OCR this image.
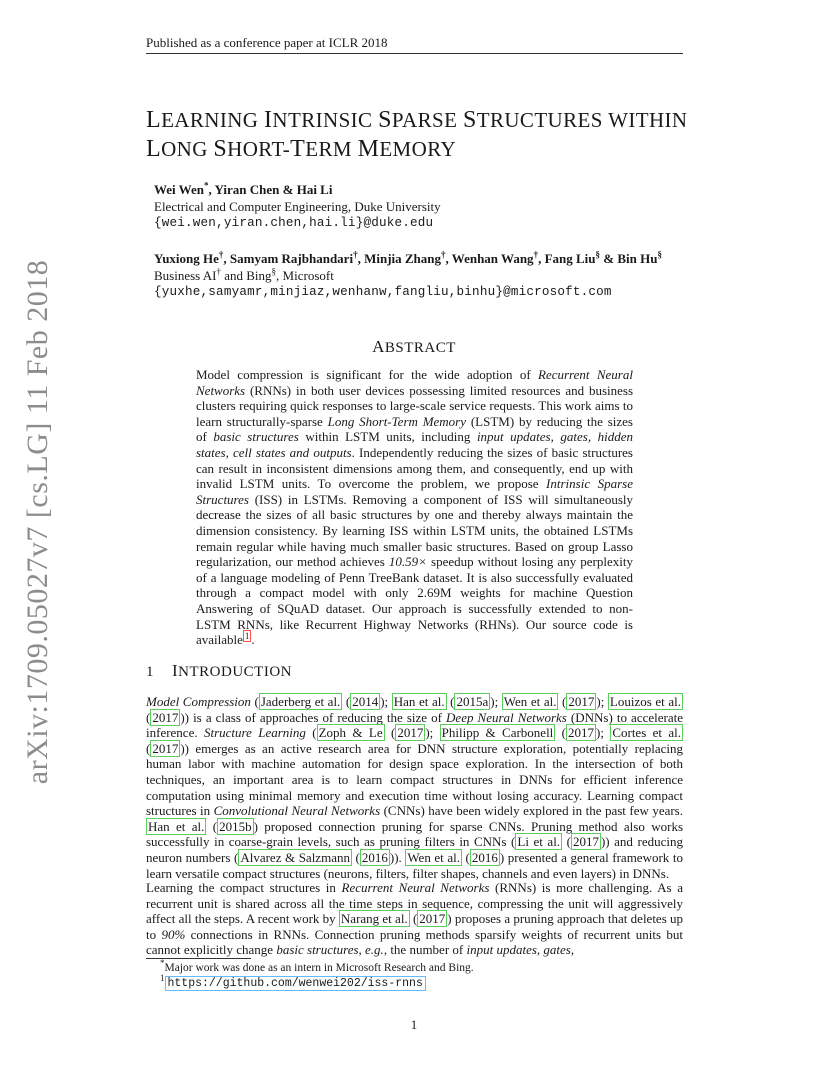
Published as a conference paper at ICLR 2018
LEARNING INTRINSIC SPARSE STRUCTURES WITHIN
LONG SHORT-TERM MEMORY
Wei Wen*, Yiran Chen & Hai Li
Electrical and Computer Engineering, Duke University
{wei.wen,yiran.chen,hai.li}@duke.edu
Yuxiong He†, Samyam Rajbhandari†, Minjia Zhang†, Wenhan Wang†, Fang Liu§ & Bin Hu§
Business AI† and Bing§, Microsoft
{yuxhe,samyamr,minjiaz,wenhanw,fangliu,binhu}@microsoft.com
ABSTRACT
Model compression is significant for the wide adoption of Recurrent Neural Networks (RNNs) in both user devices possessing limited resources and business clusters requiring quick responses to large-scale service requests. This work aims to learn structurally-sparse Long Short-Term Memory (LSTM) by reducing the sizes of basic structures within LSTM units, including input updates, gates, hidden states, cell states and outputs. Independently reducing the sizes of basic structures can result in inconsistent dimensions among them, and consequently, end up with invalid LSTM units. To overcome the problem, we propose Intrinsic Sparse Structures (ISS) in LSTMs. Removing a component of ISS will simultaneously decrease the sizes of all basic structures by one and thereby always maintain the dimension consistency. By learning ISS within LSTM units, the obtained LSTMs remain regular while having much smaller basic structures. Based on group Lasso regularization, our method achieves 10.59× speedup without losing any perplexity of a language modeling of Penn TreeBank dataset. It is also successfully evaluated through a compact model with only 2.69M weights for machine Question Answering of SQuAD dataset. Our approach is successfully extended to non-LSTM RNNs, like Recurrent Highway Networks (RHNs). Our source code is available $^1$ .
1 INTRODUCTION
Model Compression ( Jaderberg et al. ( 2014 ); Han et al. ( 2015a ); Wen et al. ( 2017 ); Louizos et al. ( 2017 )) is a class of approaches of reducing the size of Deep Neural Networks (DNNs) to accelerate inference. Structure Learning ( Zoph & Le ( 2017 ); Philipp & Carbonell ( 2017 ); Cortes et al. ( 2017 )) emerges as an active research area for DNN structure exploration, potentially replacing human labor with machine automation for design space exploration. In the intersection of both techniques, an important area is to learn compact structures in DNNs for efficient inference computation using minimal memory and execution time without losing accuracy. Learning compact structures in Convolutional Neural Networks (CNNs) have been widely explored in the past few years. Han et al. ( 2015b ) proposed connection pruning for sparse CNNs. Pruning method also works successfully in coarse-grain levels, such as pruning filters in CNNs ( Li et al. ( 2017 )) and reducing neuron numbers ( Alvarez & Salzmann ( 2016 )). Wen et al. ( 2016 ) presented a general framework to learn versatile compact structures (neurons, filters, filter shapes, channels and even layers) in DNNs.
Learning the compact structures in Recurrent Neural Networks (RNNs) is more challenging. As a recurrent unit is shared across all the time steps in sequence, compressing the unit will aggressively affect all the steps. A recent work by Narang et al. ( 2017 ) proposes a pruning approach that deletes up to 90% connections in RNNs. Connection pruning methods sparsify weights of recurrent units but cannot explicitly change basic structures, e.g., the number of input updates, gates,
*Major work was done as an intern in Microsoft Research and Bing.
$^1$ https://github.com/wenwei202/iss-rnns
1
arXiv:1709.05027v7 [cs.LG] 11 Feb 2018
